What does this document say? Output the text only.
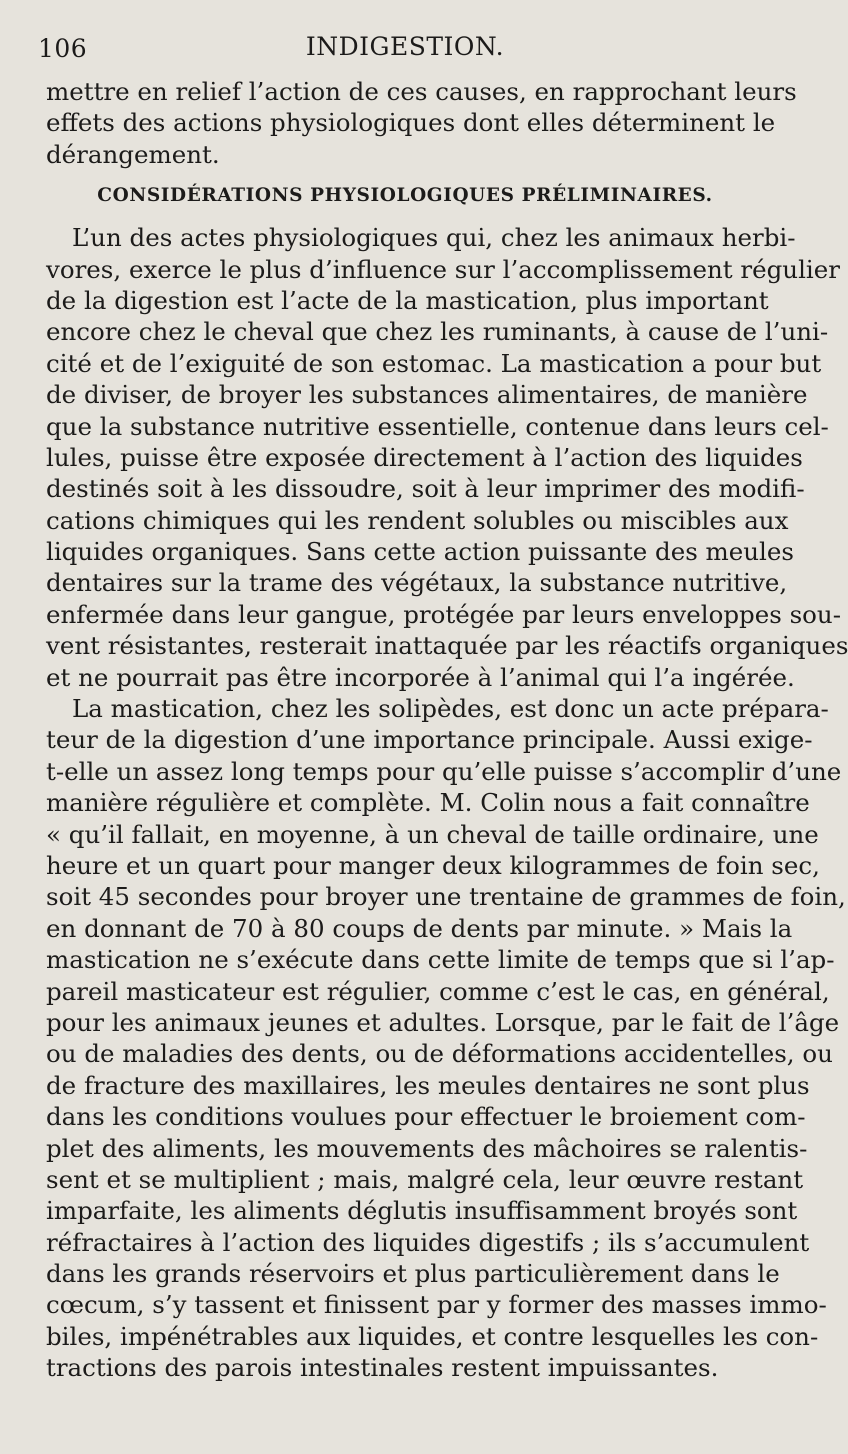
106	INDIGESTION.
mettre en relief l’action de ces causes, en rapprochant leurs
effets des actions physiologiques dont elles déterminent le
dérangement.
CONSIDÉRATIONS PHYSIOLOGIQUES PRÉLIMINAIRES.
L’un des actes physiologiques qui, chez les animaux herbi-
vores, exerce le plus d’influence sur l’accomplissement régulier
de la digestion est l’acte de la mastication, plus important
encore chez le cheval que chez les ruminants, à cause de l’uni-
cité et de l’exiguité de son estomac. La mastication a pour but
de diviser, de broyer les substances alimentaires, de manière
que la substance nutritive essentielle, contenue dans leurs cel-
lules, puisse être exposée directement à l’action des liquides
destinés soit à les dissoudre, soit à leur imprimer des modifi-
cations chimiques qui les rendent solubles ou miscibles aux
liquides organiques. Sans cette action puissante des meules
dentaires sur la trame des végétaux, la substance nutritive,
enfermée dans leur gangue, protégée par leurs enveloppes sou-
vent résistantes, resterait inattaquée par les réactifs organiques
et ne pourrait pas être incorporée à l’animal qui l’a ingérée.
La mastication, chez les solipèdes, est donc un acte prépara-
teur de la digestion d’une importance principale. Aussi exige-
t-elle un assez long temps pour qu’elle puisse s’accomplir d’une
manière régulière et complète. M. Colin nous a fait connaître
« qu’il fallait, en moyenne, à un cheval de taille ordinaire, une
heure et un quart pour manger deux kilogrammes de foin sec,
soit 45 secondes pour broyer une trentaine de grammes de foin,
en donnant de 70 à 80 coups de dents par minute. » Mais la
mastication ne s’exécute dans cette limite de temps que si l’ap-
pareil masticateur est régulier, comme c’est le cas, en général,
pour les animaux jeunes et adultes. Lorsque, par le fait de l’âge
ou de maladies des dents, ou de déformations accidentelles, ou
de fracture des maxillaires, les meules dentaires ne sont plus
dans les conditions voulues pour effectuer le broiement com-
plet des aliments, les mouvements des mâchoires se ralentis-
sent et se multiplient ; mais, malgré cela, leur œuvre restant
imparfaite, les aliments déglutis insuffisamment broyés sont
réfractaires à l’action des liquides digestifs ; ils s’accumulent
dans les grands réservoirs et plus particulièrement dans le
cœcum, s’y tassent et finissent par y former des masses immo-
biles, impénétrables aux liquides, et contre lesquelles les con-
tractions des parois intestinales restent impuissantes.
